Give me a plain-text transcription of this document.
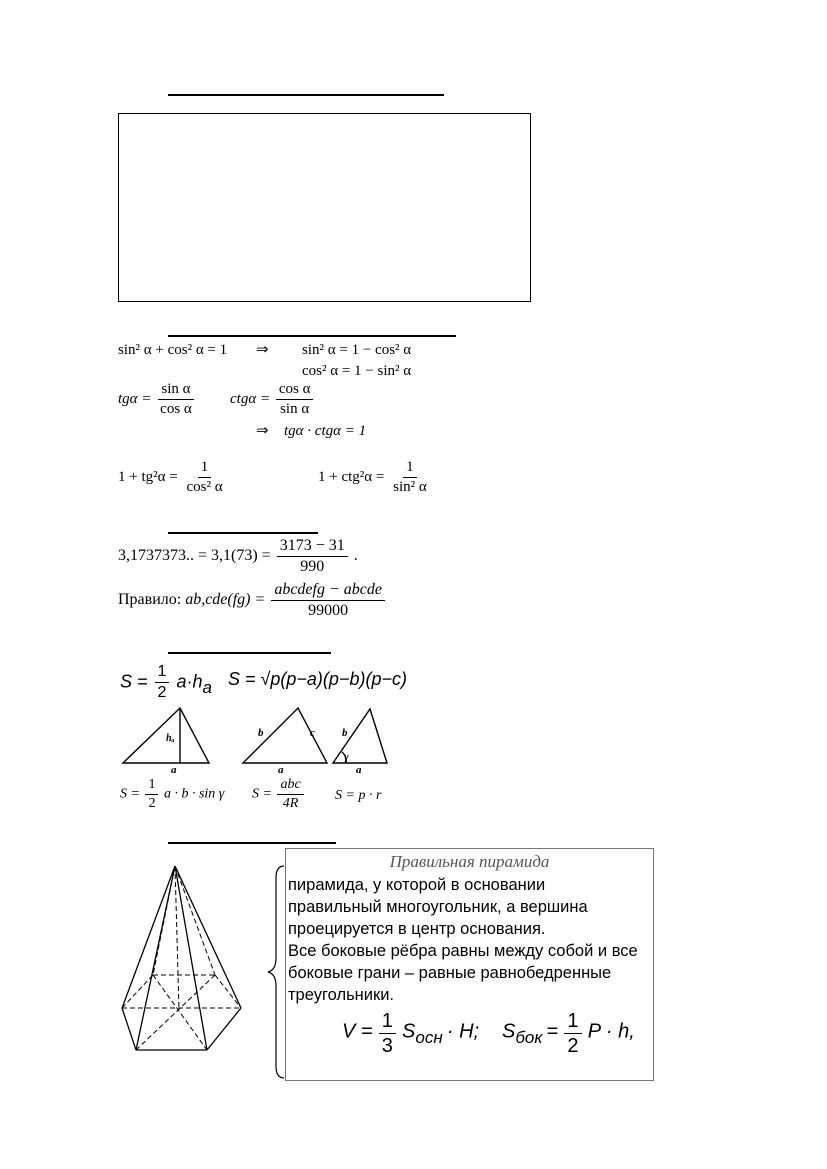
sin² α + cos² α = 1 ⇒ sin² α = 1 − cos² α
cos² α = 1 − sin² α
$tg\alpha = \frac{\text{sin α}}{\text{cos α}}$ $ctg\alpha = \frac{\text{cos α}}{\text{sin α}}$
⇒ tgα · ctgα = 1
$1 + tg^2\alpha = \frac{1}{\text{cos² α}}$	$1 + ctg^2\alpha = \frac{1}{\text{sin² α}}$
3,1737373.. = $3,1(73) = \frac{3173 - 31}{990}$ .
Правило: $ab,cde(fg) = \frac{\text{abcdefg − abcde}}{99000}$
$S = \frac{1}{2} a\cdot ha$ S = √p(p−a)(p−b)(p−c)
hₐ
a
b	c
a
b
γ
a
$S = \frac{1}{2}$ a · b · sin γ $S = \frac{\text{abc}}{4R}$ S = p · r
Правильная пирамида
пирамида, у которой в основании
правильный многоугольник, а вершина
проецируется в центр основания.
Все боковые рёбра равны между собой и все
боковые грани – равные равнобедренные
треугольники.
$V = \frac{1}{3}$ Sосн · H; Sбок = $\frac{1}{2}$ P · h,
